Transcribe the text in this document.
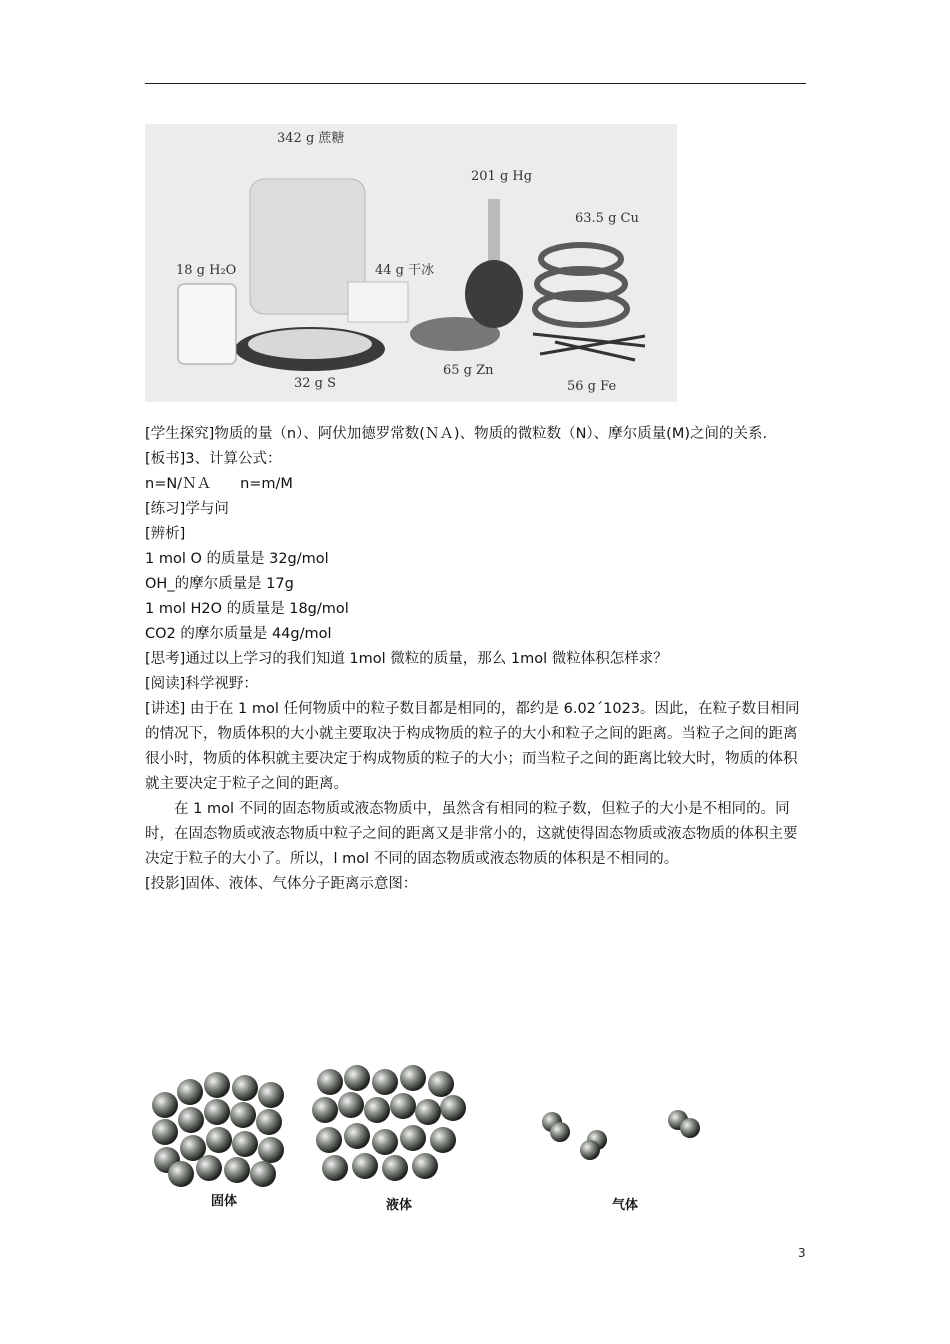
342 g 蔗糖
201 g Hg
63.5 g Cu
18 g H₂O	44 g 干冰
32 g S
65 g Zn
56 g Fe

[学生探究]物质的量（n）、阿伏加德罗常数(ＮＡ)、物质的微粒数（N）、摩尔质量(M)之间的关系.

[板书]3、计算公式：

n=N/ＮＡ　　n=m/M

[练习]学与问

[辨析]

1 mol O 的质量是 32g/mol

OH_的摩尔质量是 17g

1 mol H2O 的质量是 18g/mol

CO2 的摩尔质量是 44g/mol

[思考]通过以上学习的我们知道 1mol 微粒的质量，那么 1mol 微粒体积怎样求？

[阅读]科学视野：

[讲述] 由于在 1 mol 任何物质中的粒子数目都是相同的，都约是 6.02´1023。因此，在粒子数目相同的情况下，物质体积的大小就主要取决于构成物质的粒子的大小和粒子之间的距离。当粒子之间的距离很小时，物质的体积就主要决定于构成物质的粒子的大小；而当粒子之间的距离比较大时，物质的体积就主要决定于粒子之间的距离。

在 1 mol 不同的固态物质或液态物质中，虽然含有相同的粒子数，但粒子的大小是不相同的。同时，在固态物质或液态物质中粒子之间的距离又是非常小的，这就使得固态物质或液态物质的体积主要决定于粒子的大小了。所以，l mol 不同的固态物质或液态物质的体积是不相同的。

[投影]固体、液体、气体分子距离示意图：

固体	液体	气体
3
